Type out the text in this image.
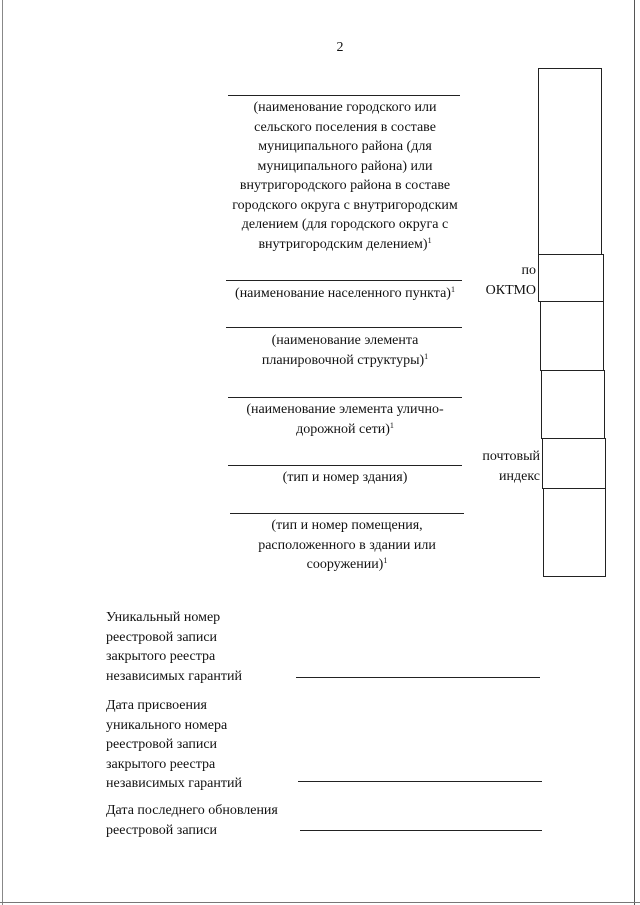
2
(наименование городского или
сельского поселения в составе
муниципального района (для
муниципального района) или
внутригородского района в составе
городского округа с внутригородским
делением (для городского округа с
внутригородским делением)$^1$
(наименование населенного пункта)$^1$
(наименование элемента
планировочной структуры)$^1$
(наименование элемента улично-
дорожной сети)$^1$
(тип и номер здания)
(тип и номер помещения,
расположенного в здании или
сооружении)$^1$
по
ОКТМО
почтовый
индекс
Уникальный номер
реестровой записи
закрытого реестра
независимых гарантий
Дата присвоения
уникального номера
реестровой записи
закрытого реестра
независимых гарантий
Дата последнего обновления
реестровой записи
